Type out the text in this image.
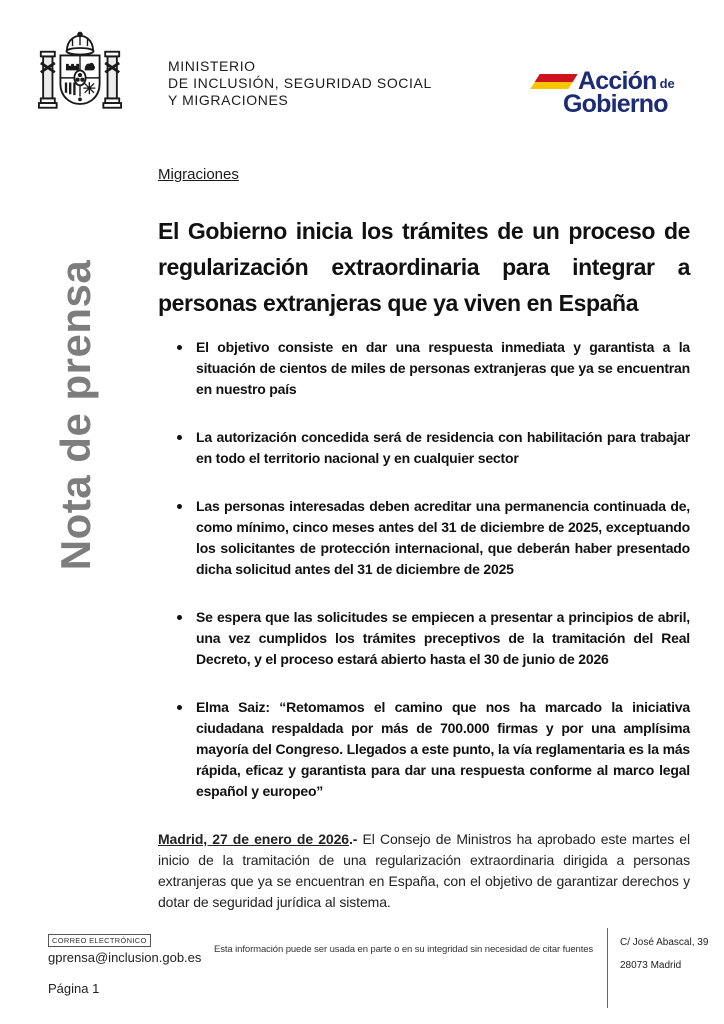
MINISTERIO
DE INCLUSIÓN, SEGURIDAD SOCIAL
Y MIGRACIONES
Acción de
Gobierno
Nota de prensa
Migraciones
El Gobierno inicia los trámites de un proceso de regularización extraordinaria para integrar a personas extranjeras que ya viven en España
El objetivo consiste en dar una respuesta inmediata y garantista a la situación de cientos de miles de personas extranjeras que ya se encuentran en nuestro país
La autorización concedida será de residencia con habilitación para trabajar en todo el territorio nacional y en cualquier sector
Las personas interesadas deben acreditar una permanencia continuada de, como mínimo, cinco meses antes del 31 de diciembre de 2025, exceptuando los solicitantes de protección internacional, que deberán haber presentado dicha solicitud antes del 31 de diciembre de 2025
Se espera que las solicitudes se empiecen a presentar a principios de abril, una vez cumplidos los trámites preceptivos de la tramitación del Real Decreto, y el proceso estará abierto hasta el 30 de junio de 2026
Elma Saiz: “Retomamos el camino que nos ha marcado la iniciativa ciudadana respaldada por más de 700.000 firmas y por una amplísima mayoría del Congreso. Llegados a este punto, la vía reglamentaria es la más rápida, eficaz y garantista para dar una respuesta conforme al marco legal español y europeo”

Madrid, 27 de enero de 2026.- El Consejo de Ministros ha aprobado este martes el inicio de la tramitación de una regularización extraordinaria dirigida a personas extranjeras que ya se encuentran en España, con el objetivo de garantizar derechos y dotar de seguridad jurídica al sistema.

CORREO ELECTRÓNICO
gprensa@inclusion.gob.es
Página 1
Esta información puede ser usada en parte o en su integridad sin necesidad de citar fuentes
C/ José Abascal, 39
28073 Madrid
